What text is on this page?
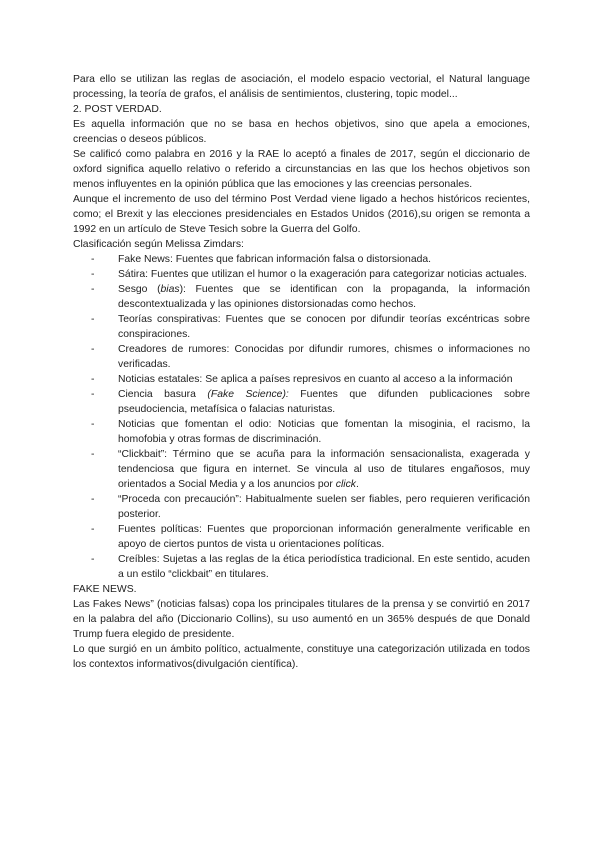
Para ello se utilizan las reglas de asociación, el modelo espacio vectorial, el Natural language processing, la teoría de grafos, el análisis de sentimientos, clustering, topic model...

2. POST VERDAD.

Es aquella información que no se basa en hechos objetivos, sino que apela a emociones, creencias o deseos públicos.

Se calificó como palabra en 2016 y la RAE lo aceptó a finales de 2017, según el diccionario de oxford significa aquello relativo o referido a circunstancias en las que los hechos objetivos son menos influyentes en la opinión pública que las emociones y las creencias personales.

Aunque el incremento de uso del término Post Verdad viene ligado a hechos históricos recientes, como; el Brexit y las elecciones presidenciales en Estados Unidos (2016),su origen se remonta a 1992 en un artículo de Steve Tesich sobre la Guerra del Golfo.

Clasificación según Melissa Zimdars:

- Fake News: Fuentes que fabrican información falsa o distorsionada.
- Sátira: Fuentes que utilizan el humor o la exageración para categorizar noticias actuales.
- Sesgo (bias): Fuentes que se identifican con la propaganda, la información descontextualizada y las opiniones distorsionadas como hechos.
- Teorías conspirativas: Fuentes que se conocen por difundir teorías excéntricas sobre conspiraciones.
- Creadores de rumores: Conocidas por difundir rumores, chismes o informaciones no verificadas.
- Noticias estatales: Se aplica a países represivos en cuanto al acceso a la información
- Ciencia basura (Fake Science): Fuentes que difunden publicaciones sobre pseudociencia, metafísica o falacias naturistas.
- Noticias que fomentan el odio: Noticias que fomentan la misoginia, el racismo, la homofobia y otras formas de discriminación.
- “Clickbait”: Término que se acuña para la información sensacionalista, exagerada y tendenciosa que figura en internet. Se vincula al uso de titulares engañosos, muy orientados a Social Media y a los anuncios por click.
- “Proceda con precaución”: Habitualmente suelen ser fiables, pero requieren verificación posterior.
- Fuentes políticas: Fuentes que proporcionan información generalmente verificable en apoyo de ciertos puntos de vista u orientaciones políticas.
- Creíbles: Sujetas a las reglas de la ética periodística tradicional. En este sentido, acuden a un estilo “clickbait” en titulares.
FAKE NEWS.

Las Fakes News” (noticias falsas) copa los principales titulares de la prensa y se convirtió en 2017 en la palabra del año (Diccionario Collins), su uso aumentó en un 365% después de que Donald Trump fuera elegido de presidente.

Lo que surgió en un ámbito político, actualmente, constituye una categorización utilizada en todos los contextos informativos(divulgación científica).
